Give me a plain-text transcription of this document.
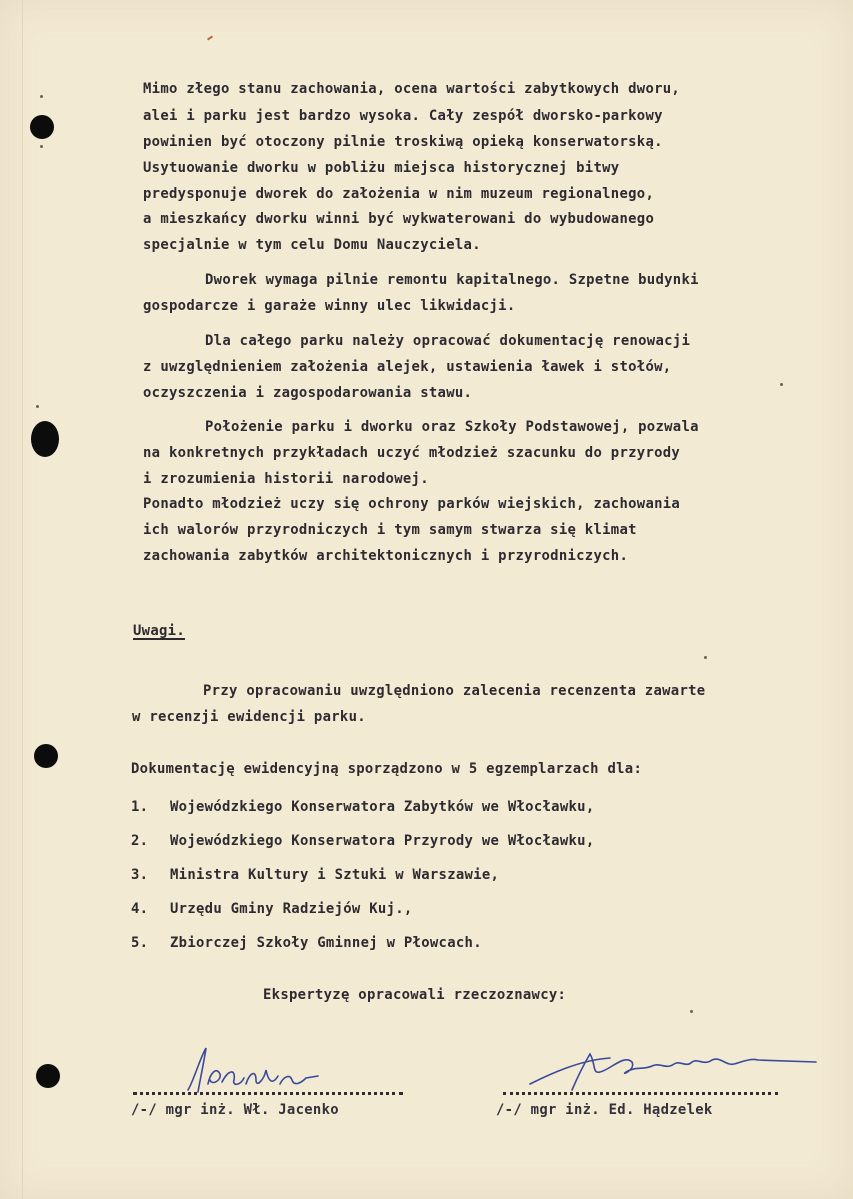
Mimo złego stanu zachowania, ocena wartości zabytkowych dworu,
alei i parku jest bardzo wysoka. Cały zespół dworsko-parkowy
powinien być otoczony pilnie troskiwą opieką konserwatorską.
Usytuowanie dworku w pobliżu miejsca historycznej bitwy
predysponuje dworek do założenia w nim muzeum regionalnego,
a mieszkańcy dworku winni być wykwaterowani do wybudowanego
specjalnie w tym celu Domu Nauczyciela.
Dworek wymaga pilnie remontu kapitalnego. Szpetne budynki
gospodarcze i garaże winny ulec likwidacji.
Dla całego parku należy opracować dokumentację renowacji
z uwzględnieniem założenia alejek, ustawienia ławek i stołów,
oczyszczenia i zagospodarowania stawu.
Położenie parku i dworku oraz Szkoły Podstawowej, pozwala
na konkretnych przykładach uczyć młodzież szacunku do przyrody
i zrozumienia historii narodowej.
Ponadto młodzież uczy się ochrony parków wiejskich, zachowania
ich walorów przyrodniczych i tym samym stwarza się klimat
zachowania zabytków architektonicznych i przyrodniczych.
Uwagi.
Przy opracowaniu uwzględniono zalecenia recenzenta zawarte
w recenzji ewidencji parku.
Dokumentację ewidencyjną sporządzono w 5 egzemplarzach dla:
1. Wojewódzkiego Konserwatora Zabytków we Włocławku,
2. Wojewódzkiego Konserwatora Przyrody we Włocławku,
3. Ministra Kultury i Sztuki w Warszawie,
4. Urzędu Gminy Radziejów Kuj.,
5. Zbiorczej Szkoły Gminnej w Płowcach.
Ekspertyzę opracowali rzeczoznawcy:
/-/ mgr inż. Wł. Jacenko	/-/ mgr inż. Ed. Hądzelek
